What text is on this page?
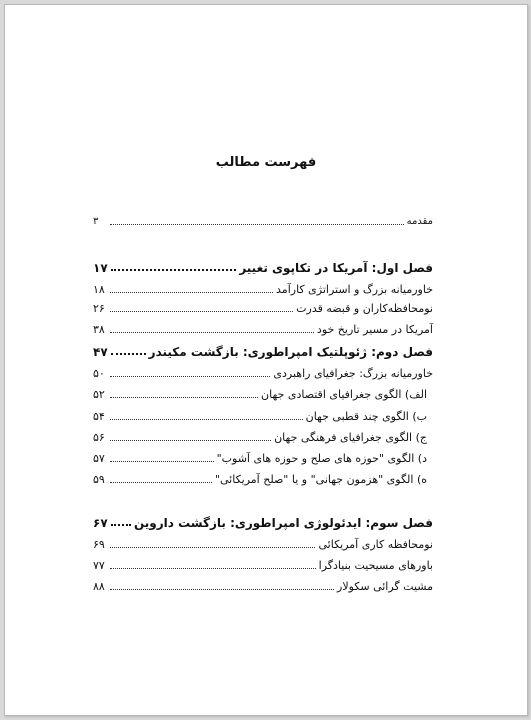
فهرست مطالب
مقدمه
۳
فصل اول: آمریکا در تکاپوی تغییر
۱۷
خاورمیانه بزرگ و استراتژی کارآمد
۱۸
نومحافظه‌کاران و قبضه قدرت
۲۶
آمریکا در مسیر تاریخ خود
۳۸
فصل دوم: ژئوپلتیک امپراطوری: بازگشت مکیندر
۴۷
خاورمیانه بزرگ: جغرافیای راهبردی
۵۰
الف) الگوی جغرافیای اقتصادی جهان
۵۲
ب) الگوی چند قطبی جهان
۵۴
ج) الگوی جغرافیای فرهنگی جهان
۵۶
د) الگوی "حوزه های صلح و حوزه های آشوب"
۵۷
ه) الگوی "هزمون جهانی" و یا "صلح آمریکائی"
۵۹
فصل سوم: ایدئولوژی امپراطوری: بازگشت داروین
۶۷
نومحافظه کاری آمریکائی
۶۹
باورهای مسیحیت بنیادگرا
۷۷
مشیت گرائی سکولار
۸۸
